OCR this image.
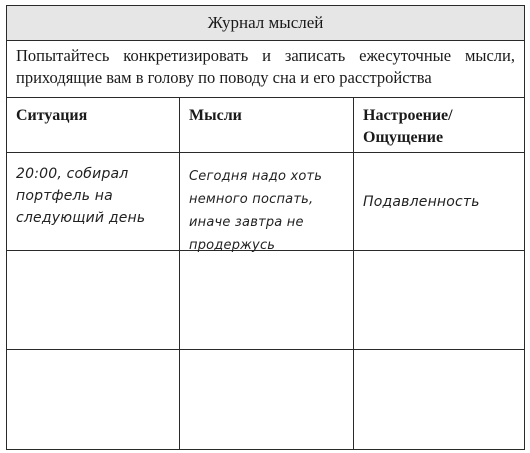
Журнал мыслей
Попытайтесь конкретизировать и записать ежесуточные мысли, приходящие вам в голову по поводу сна и его расстройства
Ситуация	Мысли	Настроение/ Ощущение
20:00, собирал портфель на следующий день
Сегодня надо хоть немного поспать, иначе завтра не продержусь
Подавленность
